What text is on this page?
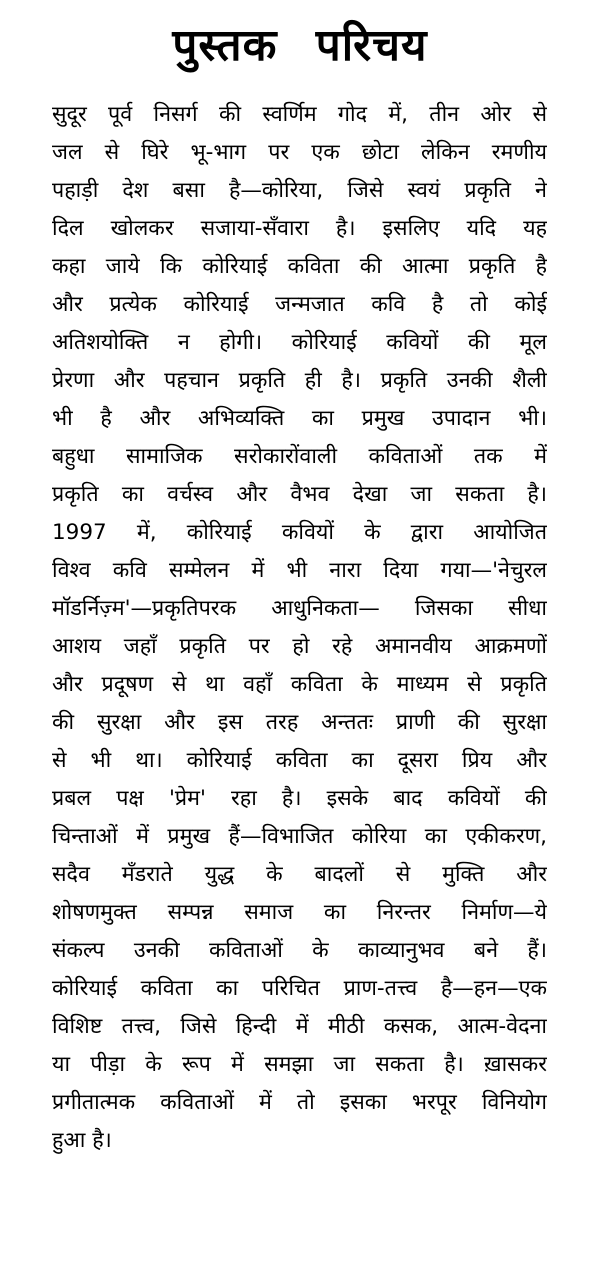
पुस्तक परिचय
सुदूर पूर्व निसर्ग की स्वर्णिम गोद में, तीन ओर से
जल से घिरे भू-भाग पर एक छोटा लेकिन रमणीय
पहाड़ी देश बसा है—कोरिया, जिसे स्वयं प्रकृति ने
दिल खोलकर सजाया-सँवारा है। इसलिए यदि यह
कहा जाये कि कोरियाई कविता की आत्मा प्रकृति है
और प्रत्येक कोरियाई जन्मजात कवि है तो कोई
अतिशयोक्ति न होगी। कोरियाई कवियों की मूल
प्रेरणा और पहचान प्रकृति ही है। प्रकृति उनकी शैली
भी है और अभिव्यक्ति का प्रमुख उपादान भी।
बहुधा सामाजिक सरोकारोंवाली कविताओं तक में
प्रकृति का वर्चस्व और वैभव देखा जा सकता है।
1997 में, कोरियाई कवियों के द्वारा आयोजित
विश्व कवि सम्मेलन में भी नारा दिया गया—'नेचुरल
मॉडर्निज़्म'—प्रकृतिपरक आधुनिकता— जिसका सीधा
आशय जहाँ प्रकृति पर हो रहे अमानवीय आक्रमणों
और प्रदूषण से था वहाँ कविता के माध्यम से प्रकृति
की सुरक्षा और इस तरह अन्ततः प्राणी की सुरक्षा
से भी था। कोरियाई कविता का दूसरा प्रिय और
प्रबल पक्ष 'प्रेम' रहा है। इसके बाद कवियों की
चिन्ताओं में प्रमुख हैं—विभाजित कोरिया का एकीकरण,
सदैव मँडराते युद्ध के बादलों से मुक्ति और
शोषणमुक्त सम्पन्न समाज का निरन्तर निर्माण—ये
संकल्प उनकी कविताओं के काव्यानुभव बने हैं।
कोरियाई कविता का परिचित प्राण-तत्त्व है—हन—एक
विशिष्ट तत्त्व, जिसे हिन्दी में मीठी कसक, आत्म-वेदना
या पीड़ा के रूप में समझा जा सकता है। ख़ासकर
प्रगीतात्मक कविताओं में तो इसका भरपूर विनियोग
हुआ है।
